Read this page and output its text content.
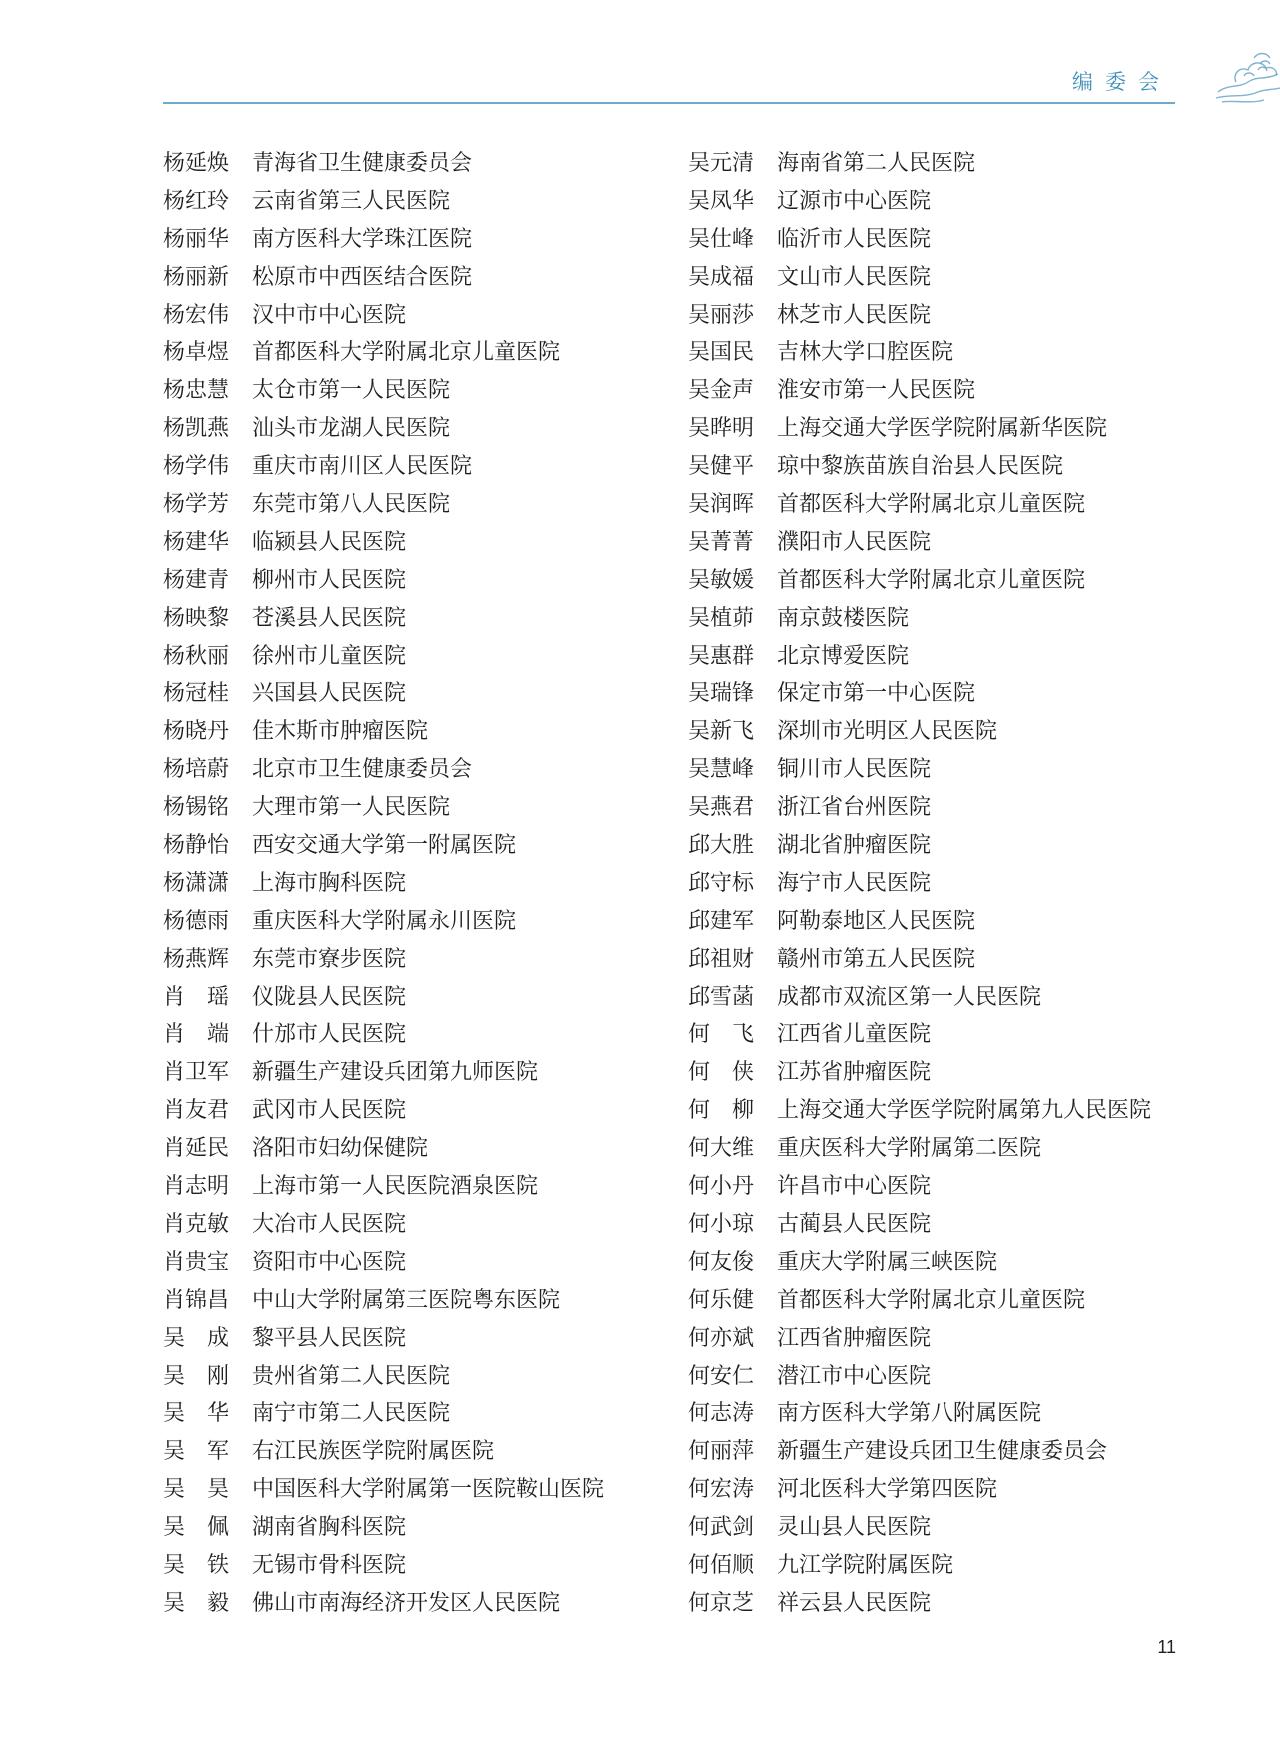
编委会
杨延焕	青海省卫生健康委员会
杨红玲	云南省第三人民医院
杨丽华	南方医科大学珠江医院
杨丽新	松原市中西医结合医院
杨宏伟	汉中市中心医院
杨卓煜	首都医科大学附属北京儿童医院
杨忠慧	太仓市第一人民医院
杨凯燕	汕头市龙湖人民医院
杨学伟	重庆市南川区人民医院
杨学芳	东莞市第八人民医院
杨建华	临颍县人民医院
杨建青	柳州市人民医院
杨映黎	苍溪县人民医院
杨秋丽	徐州市儿童医院
杨冠桂	兴国县人民医院
杨晓丹	佳木斯市肿瘤医院
杨培蔚	北京市卫生健康委员会
杨锡铭	大理市第一人民医院
杨静怡	西安交通大学第一附属医院
杨潇潇	上海市胸科医院
杨德雨	重庆医科大学附属永川医院
杨燕辉	东莞市寮步医院
肖瑶 仪陇县人民医院
肖端 什邡市人民医院
肖卫军	新疆生产建设兵团第九师医院
肖友君	武冈市人民医院
肖延民	洛阳市妇幼保健院
肖志明	上海市第一人民医院酒泉医院
肖克敏	大冶市人民医院
肖贵宝	资阳市中心医院
肖锦昌	中山大学附属第三医院粤东医院
吴成 黎平县人民医院
吴刚 贵州省第二人民医院
吴华 南宁市第二人民医院
吴军 右江民族医学院附属医院
吴昊 中国医科大学附属第一医院鞍山医院
吴佩 湖南省胸科医院
吴铁 无锡市骨科医院
吴毅 佛山市南海经济开发区人民医院
吴元清	海南省第二人民医院
吴凤华	辽源市中心医院
吴仕峰	临沂市人民医院
吴成福	文山市人民医院
吴丽莎	林芝市人民医院
吴国民	吉林大学口腔医院
吴金声	淮安市第一人民医院
吴晔明	上海交通大学医学院附属新华医院
吴健平	琼中黎族苗族自治县人民医院
吴润晖	首都医科大学附属北京儿童医院
吴菁菁	濮阳市人民医院
吴敏媛	首都医科大学附属北京儿童医院
吴植茆	南京鼓楼医院
吴惠群	北京博爱医院
吴瑞锋	保定市第一中心医院
吴新飞	深圳市光明区人民医院
吴慧峰	铜川市人民医院
吴燕君	浙江省台州医院
邱大胜	湖北省肿瘤医院
邱守标	海宁市人民医院
邱建军	阿勒泰地区人民医院
邱祖财	赣州市第五人民医院
邱雪菡	成都市双流区第一人民医院
何飞 江西省儿童医院
何侠 江苏省肿瘤医院
何柳 上海交通大学医学院附属第九人民医院
何大维	重庆医科大学附属第二医院
何小丹	许昌市中心医院
何小琼	古蔺县人民医院
何友俊	重庆大学附属三峡医院
何乐健	首都医科大学附属北京儿童医院
何亦斌	江西省肿瘤医院
何安仁	潜江市中心医院
何志涛	南方医科大学第八附属医院
何丽萍	新疆生产建设兵团卫生健康委员会
何宏涛	河北医科大学第四医院
何武剑	灵山县人民医院
何佰顺	九江学院附属医院
何京芝	祥云县人民医院
11
